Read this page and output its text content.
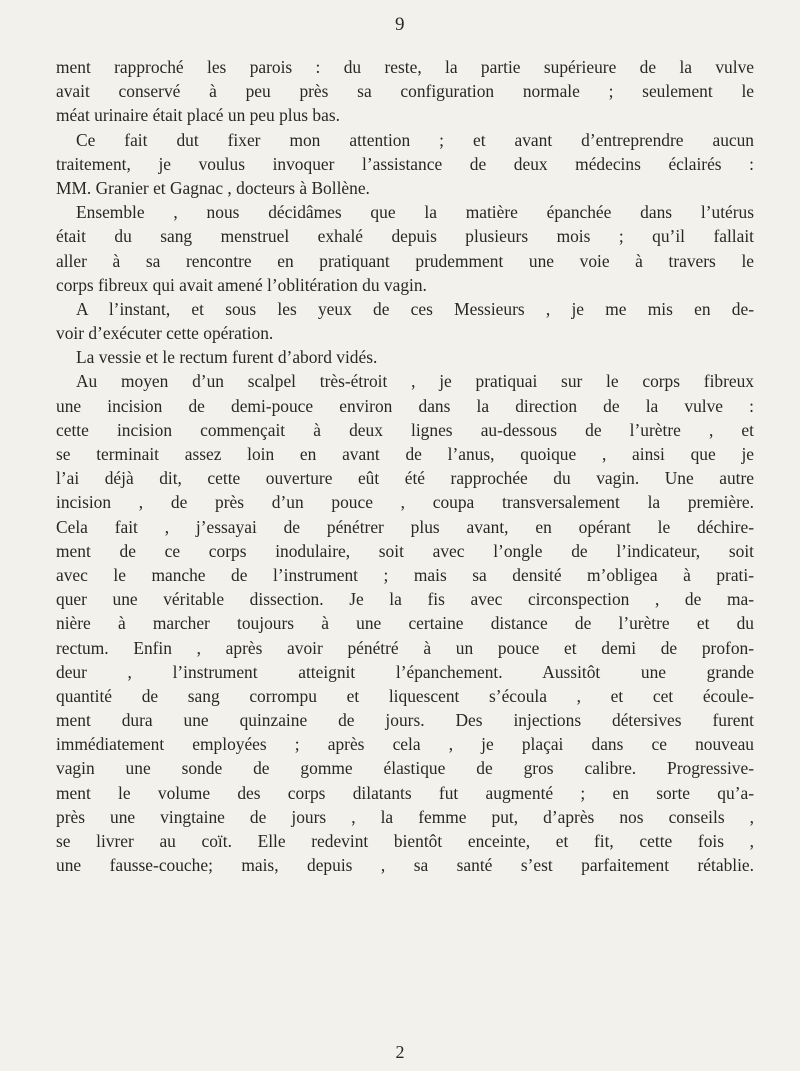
9
ment rapproché les parois : du reste, la partie supérieure de la vulve
avait conservé à peu près sa configuration normale ; seulement le
méat urinaire était placé un peu plus bas.
Ce fait dut fixer mon attention ; et avant d’entreprendre aucun
traitement, je voulus invoquer l’assistance de deux médecins éclairés :
MM. Granier et Gagnac , docteurs à Bollène.
Ensemble , nous décidâmes que la matière épanchée dans l’utérus
était du sang menstruel exhalé depuis plusieurs mois ; qu’il fallait
aller à sa rencontre en pratiquant prudemment une voie à travers le
corps fibreux qui avait amené l’oblitération du vagin.
A l’instant, et sous les yeux de ces Messieurs , je me mis en de-
voir d’exécuter cette opération.
La vessie et le rectum furent d’abord vidés.
Au moyen d’un scalpel très-étroit , je pratiquai sur le corps fibreux
une incision de demi-pouce environ dans la direction de la vulve :
cette incision commençait à deux lignes au-dessous de l’urètre , et
se terminait assez loin en avant de l’anus, quoique , ainsi que je
l’ai déjà dit, cette ouverture eût été rapprochée du vagin. Une autre
incision , de près d’un pouce , coupa transversalement la première.
Cela fait , j’essayai de pénétrer plus avant, en opérant le déchire-
ment de ce corps inodulaire, soit avec l’ongle de l’indicateur, soit
avec le manche de l’instrument ; mais sa densité m’obligea à prati-
quer une véritable dissection. Je la fis avec circonspection , de ma-
nière à marcher toujours à une certaine distance de l’urètre et du
rectum. Enfin , après avoir pénétré à un pouce et demi de profon-
deur , l’instrument atteignit l’épanchement. Aussitôt une grande
quantité de sang corrompu et liquescent s’écoula , et cet écoule-
ment dura une quinzaine de jours. Des injections détersives furent
immédiatement employées ; après cela , je plaçai dans ce nouveau
vagin une sonde de gomme élastique de gros calibre. Progressive-
ment le volume des corps dilatants fut augmenté ; en sorte qu’a-
près une vingtaine de jours , la femme put, d’après nos conseils ,
se livrer au coït. Elle redevint bientôt enceinte, et fit, cette fois ,
une fausse-couche; mais, depuis , sa santé s’est parfaitement rétablie.
2
